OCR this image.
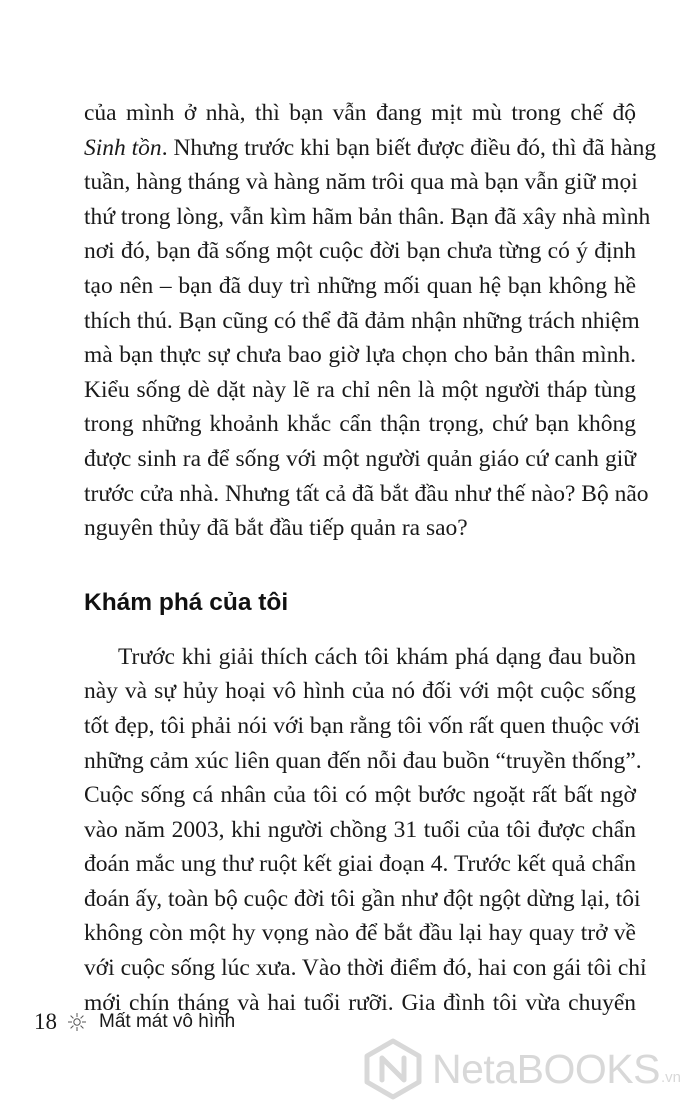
của mình ở nhà, thì bạn vẫn đang mịt mù trong chế độ
Sinh tồn. Nhưng trước khi bạn biết được điều đó, thì đã hàng
tuần, hàng tháng và hàng năm trôi qua mà bạn vẫn giữ mọi
thứ trong lòng, vẫn kìm hãm bản thân. Bạn đã xây nhà mình
nơi đó, bạn đã sống một cuộc đời bạn chưa từng có ý định
tạo nên – bạn đã duy trì những mối quan hệ bạn không hề
thích thú. Bạn cũng có thể đã đảm nhận những trách nhiệm
mà bạn thực sự chưa bao giờ lựa chọn cho bản thân mình.
Kiểu sống dè dặt này lẽ ra chỉ nên là một người tháp tùng
trong những khoảnh khắc cẩn thận trọng, chứ bạn không
được sinh ra để sống với một người quản giáo cứ canh giữ
trước cửa nhà. Nhưng tất cả đã bắt đầu như thế nào? Bộ não
nguyên thủy đã bắt đầu tiếp quản ra sao?
Khám phá của tôi
Trước khi giải thích cách tôi khám phá dạng đau buồn
này và sự hủy hoại vô hình của nó đối với một cuộc sống
tốt đẹp, tôi phải nói với bạn rằng tôi vốn rất quen thuộc với
những cảm xúc liên quan đến nỗi đau buồn “truyền thống”.
Cuộc sống cá nhân của tôi có một bước ngoặt rất bất ngờ
vào năm 2003, khi người chồng 31 tuổi của tôi được chẩn
đoán mắc ung thư ruột kết giai đoạn 4. Trước kết quả chẩn
đoán ấy, toàn bộ cuộc đời tôi gần như đột ngột dừng lại, tôi
không còn một hy vọng nào để bắt đầu lại hay quay trở về
với cuộc sống lúc xưa. Vào thời điểm đó, hai con gái tôi chỉ
mới chín tháng và hai tuổi rưỡi. Gia đình tôi vừa chuyển
18 Mất mát vô hình
NetaBOOKS .vn
